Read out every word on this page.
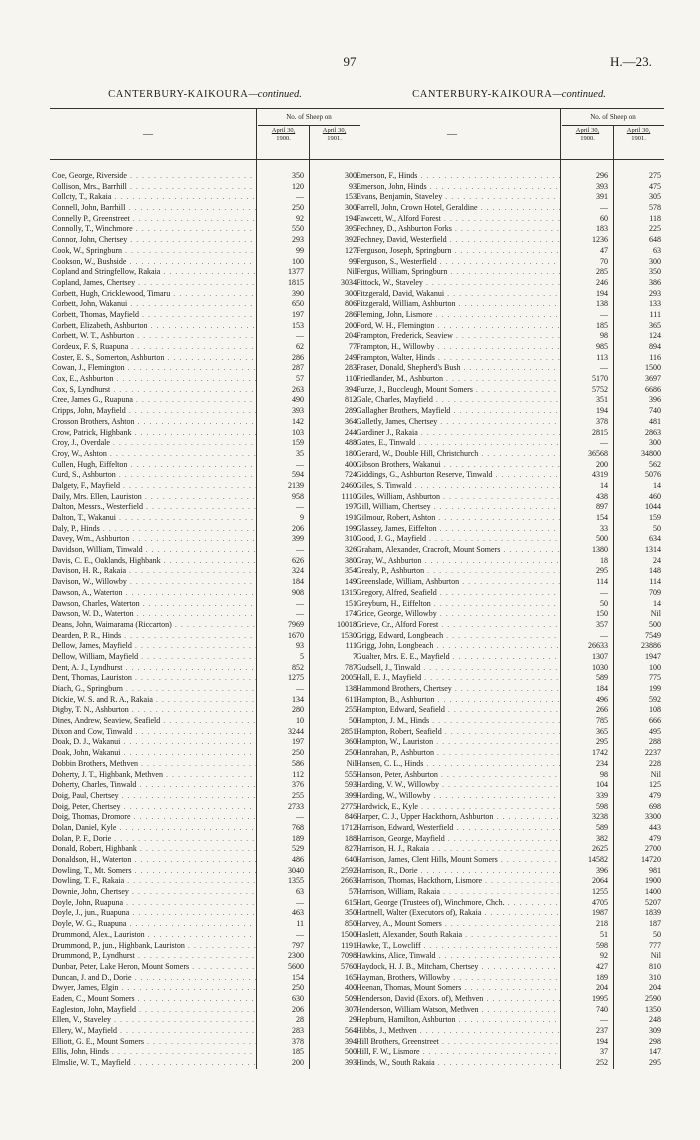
97	H.—23.
CANTERBURY-KAIKOURA—continued.
—
No. of Sheep on
April 30,
1900.
April 30,
1901.
Coe, George, Riverside . . .	350	300
Collison, Mrs., Barrhill . . .	120	93
Collcty, T., Rakaia . . .	—	153
Connell, John, Barrhill . . .	250	300
Connelly P., Greenstreet . . .	92	194
Connolly, T., Winchmore . . .	550	395
Connor, John, Chertsey . . .	293	392
Cook, W., Springburn . . .	99	127
Cookson, W., Bushside . . .	100	99
Copland and Stringfellow, Rakaia . . .	1377	Nil
Copland, James, Chertsey . . .	1815	3034
Corbett, Hugh, Cricklewood, Timaru . . .	390	300
Corbett, John, Wakanui . . .	650	806
Corbett, Thomas, Mayfield . . .	197	286
Corbett, Elizabeth, Ashburton . . .	153	200
Corbett, W. T., Ashburton . . .	—	204
Cordeux, F. S, Ruapuna . . .	62	77
Coster, E. S., Somerton, Ashburton . . .	286	249
Cowan, J., Flemington . . .	287	283
Cox, E., Ashburton . . .	57	110
Cox, S, Lyndhurst . . .	263	394
Cree, James G., Ruapuna . . .	490	812
Cripps, John, Mayfield . . .	393	289
Crosson Brothers, Ashton . . .	142	364
Crow, Patrick, Highbank . . .	103	244
Croy, J., Overdale . . .	159	488
Croy, W., Ashton . . .	35	180
Cullen, Hugh, Eiffelton . . .	—	400
Curd, S., Ashburton . . .	594	724
Dalgety, F., Mayfield . . .	2139	2460
Daily, Mrs. Ellen, Lauriston . . .	958	1110
Dalton, Messrs., Westerfield . . .	—	197
Dalton, T., Wakanui . . .	9	191
Daly, P., Hinds . . .	206	199
Davey, Wm., Ashburton . . .	399	310
Davidson, William, Tinwald . . .	—	326
Davis, C. E., Oaklands, Highbank . . .	626	380
Davison, H. R., Rakaia . . .	324	354
Davison, W., Willowby . . .	184	149
Dawson, A., Waterton . . .	908	1315
Dawson, Charles, Waterton . . .	—	151
Dawson, W. D., Waterton . . .	—	174
Deans, John, Waimarama (Riccarton) . . .	7969	10018
Dearden, P. R., Hinds . . .	1670	1530
Dellow, James, Mayfield . . .	93	111
Dellow, William, Mayfield . . .	5	7
Dent, A. J., Lyndhurst . . .	852	787
Dent, Thomas, Lauriston . . .	1275	2005
Diach, G., Springburn . . .	—	138
Dickie, W. S. and R. A., Rakaia . . .	134	611
Digby, T. N., Ashburton . . .	280	255
Dines, Andrew, Seaview, Seafield . . .	10	50
Dixon and Cow, Tinwald . . .	3244	2851
Doak, D. J., Wakanui . . .	197	360
Doak, John, Wakanui . . .	250	250
Dobbin Brothers, Methven . . .	586	Nil
Doherty, J. T., Highbank, Methven . . .	112	555
Doherty, Charles, Tinwald . . .	376	593
Doig, Paul, Chertsey . . .	255	399
Doig, Peter, Chertsey . . .	2733	2775
Doig, Thomas, Dromore . . .	—	846
Dolan, Daniel, Kyle . . .	768	1712
Dolan, P. F., Dorie . . .	189	188
Donald, Robert, Highbank . . .	529	827
Donaldson, H., Waterton . . .	486	640
Dowling, T., Mt. Somers . . .	3040	2592
Dowling, T. F., Rakaia . . .	1355	2663
Downie, John, Chertsey . . .	63	57
Doyle, John, Ruapuna . . .	—	615
Doyle, J., jun., Ruapuna . . .	463	350
Doyle, W. G., Ruapuna . . .	11	850
Drummond, Alex., Lauriston . . .	—	1500
Drummond, P., jun., Highbank, Lauriston . . .	797	1191
Drummond, P., Lyndhurst . . .	2300	7098
Dunbar, Peter, Lake Heron, Mount Somers . . .	5600	5760
Duncan, J. and D., Dorie . . .	154	165
Dwyer, James, Elgin . . .	250	400
Eaden, C., Mount Somers . . .	630	509
Eagleston, John, Mayfield . . .	206	307
Ellen, V., Staveley . . .	28	29
Ellery, W., Mayfield . . .	283	564
Elliott, G. E., Mount Somers . . .	378	394
Ellis, John, Hinds . . .	185	500
Elmslie, W. T., Mayfield . . .	200	393
CANTERBURY-KAIKOURA—continued.
—
No. of Sheep on
April 30,
1900.
April 30,
1901.
Emerson, F., Hinds . . .	296	275
Emerson, John, Hinds . . .	393	475
Evans, Benjamin, Staveley . . .	391	305
Farrell, John, Crown Hotel, Geraldine . . .	—	578
Fawcett, W., Alford Forest . . .	60	118
Fechney, D., Ashburton Forks . . .	183	225
Fechney, David, Westerfield . . .	1236	648
Ferguson, Joseph, Springburn . . .	47	63
Ferguson, S., Westerfield . . .	70	300
Fergus, William, Springburn . . .	285	350
Fittock, W., Staveley . . .	246	386
Fitzgerald, David, Wakanui . . .	194	293
Fitzgerald, William, Ashburton . . .	138	133
Fleming, John, Lismore . . .	—	111
Ford, W. H., Flemington . . .	185	365
Frampton, Frederick, Seaview . . .	98	124
Frampton, H., Willowby . . .	985	894
Frampton, Walter, Hinds . . .	113	116
Fraser, Donald, Shepherd's Bush . . .	—	1500
Friedlander, M., Ashburton . . .	5170	3697
Furze, J., Buccleugh, Mount Somers . . .	5752	6686
Gale, Charles, Mayfield . . .	351	396
Gallagher Brothers, Mayfield . . .	194	740
Galletly, James, Chertsey . . .	378	481
Gardiner J., Rakaia . . .	2815	2863
Gates, E., Tinwald . . .	—	300
Gerard, W., Double Hill, Christchurch . . .	36568	34800
Gibson Brothers, Wakanui . . .	200	562
Giddings, G., Ashburton Reserve, Tinwald . . .	4319	5076
Giles, S. Tinwald . . .	14	14
Giles, William, Ashburton . . .	438	460
Gill, William, Chertsey . . .	897	1044
Gilmour, Robert, Ashton . . .	154	159
Glassey, James, Eiffelton . . .	33	50
Good, J. G., Mayfield . . .	500	634
Graham, Alexander, Cracroft, Mount Somers . . .	1380	1314
Gray, W., Ashburton . . .	18	24
Grealy, P., Ashburton . . .	295	148
Greenslade, William, Ashburton . . .	114	114
Gregory, Alfred, Seafield . . .	—	709
Greyburn, H., Eiffelton . . .	50	14
Grice, George, Willowby . . .	150	Nil
Grieve, Cr., Alford Forest . . .	357	500
Grigg, Edward, Longbeach . . .	—	7549
Grigg, John, Longbeach . . .	26633	23886
Gualter, Mrs. E. E., Mayfield . . .	1307	1947
Gudsell, J., Tinwald . . .	1030	100
Hall, E. J., Mayfield . . .	589	775
Hammond Brothers, Chertsey . . .	184	199
Hampton, B., Ashburton . . .	496	592
Hampton, Edward, Seafield . . .	266	108
Hampton, J. M., Hinds . . .	785	666
Hampton, Robert, Seafield . . .	365	495
Hampton, W., Lauriston . . .	295	288
Hanrahan, P., Ashburton . . .	1742	2237
Hansen, C. L., Hinds . . .	234	228
Hanson, Peter, Ashburton . . .	98	Nil
Harding, V. W., Willowby . . .	104	125
Harding, W., Willowby . . .	339	479
Hardwick, E., Kyle . . .	598	698
Harper, C. J., Upper Hackthorn, Ashburton . . .	3238	3300
Harrison, Edward, Westerfield . . .	589	443
Harrison, George, Mayfield . . .	382	479
Harrison, H. J., Rakaia . . .	2625	2700
Harrison, James, Clent Hills, Mount Somers . . .	14582	14720
Harrison, R., Dorie . . .	396	981
Harrison, Thomas, Hackthorn, Lismore . . .	2064	1900
Harrison, William, Rakaia . . .	1255	1400
Hart, George (Trustees of), Winchmore, Chch. . . .	4705	5207
Hartnell, Walter (Executors of), Rakaia . . .	1987	1839
Harvey, A., Mount Somers . . .	218	187
Haslett, Alexander, South Rakaia . . .	51	50
Hawke, T., Lowcliff . . .	598	777
Hawkins, Alice, Tinwald . . .	92	Nil
Haydock, H. J. B., Mitcham, Chertsey . . .	427	810
Hayman, Brothers, Willowby . . .	189	310
Heenan, Thomas, Mount Somers . . .	204	204
Henderson, David (Exors. of), Methven . . .	1995	2590
Henderson, William Watson, Methven . . .	740	1350
Hepburn, Hamilton, Ashburton . . .	—	248
Hibbs, J., Methven . . .	237	309
Hill Brothers, Greenstreet . . .	194	298
Hill, F. W., Lismore . . .	37	147
Hinds, W., South Rakaia . . .	252	295
